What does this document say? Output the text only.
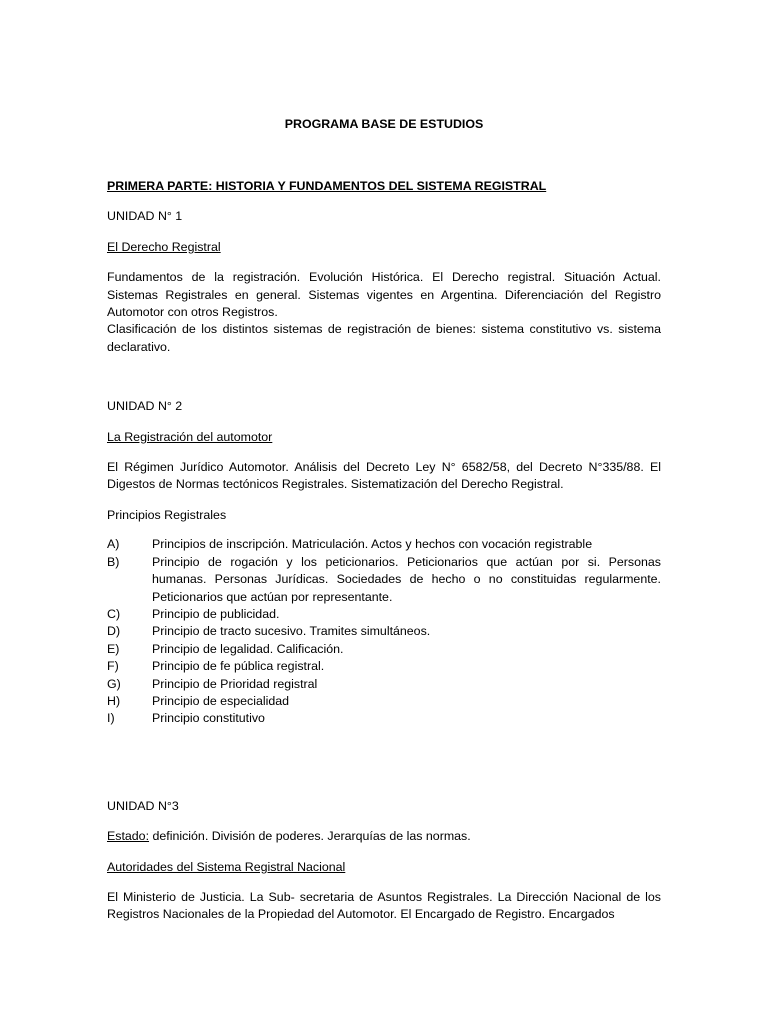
PROGRAMA BASE DE ESTUDIOS

PRIMERA PARTE: HISTORIA Y FUNDAMENTOS DEL SISTEMA REGISTRAL

UNIDAD N° 1

El Derecho Registral

Fundamentos de la registración. Evolución Histórica. El Derecho registral. Situación Actual. Sistemas Registrales en general. Sistemas vigentes en Argentina. Diferenciación del Registro Automotor con otros Registros.

Clasificación de los distintos sistemas de registración de bienes: sistema constitutivo vs. sistema declarativo.

UNIDAD N° 2

La Registración del automotor

El Régimen Jurídico Automotor. Análisis del Decreto Ley N° 6582/58, del Decreto N°335/88. El Digestos de Normas tectónicos Registrales. Sistematización del Derecho Registral.

Principios Registrales

A)	Principios de inscripción. Matriculación. Actos y hechos con vocación registrable
B)	Principio de rogación y los peticionarios. Peticionarios que actúan por si. Personas humanas. Personas Jurídicas. Sociedades de hecho o no constituidas regularmente. Peticionarios que actúan por representante.
C)	Principio de publicidad.
D)	Principio de tracto sucesivo. Tramites simultáneos.
E)	Principio de legalidad. Calificación.
F)	Principio de fe pública registral.
G)	Principio de Prioridad registral
H)	Principio de especialidad
I)	Principio constitutivo

UNIDAD N°3

Estado: definición. División de poderes. Jerarquías de las normas.

Autoridades del Sistema Registral Nacional

El Ministerio de Justicia. La Sub- secretaria de Asuntos Registrales. La Dirección Nacional de los Registros Nacionales de la Propiedad del Automotor. El Encargado de Registro. Encargados
